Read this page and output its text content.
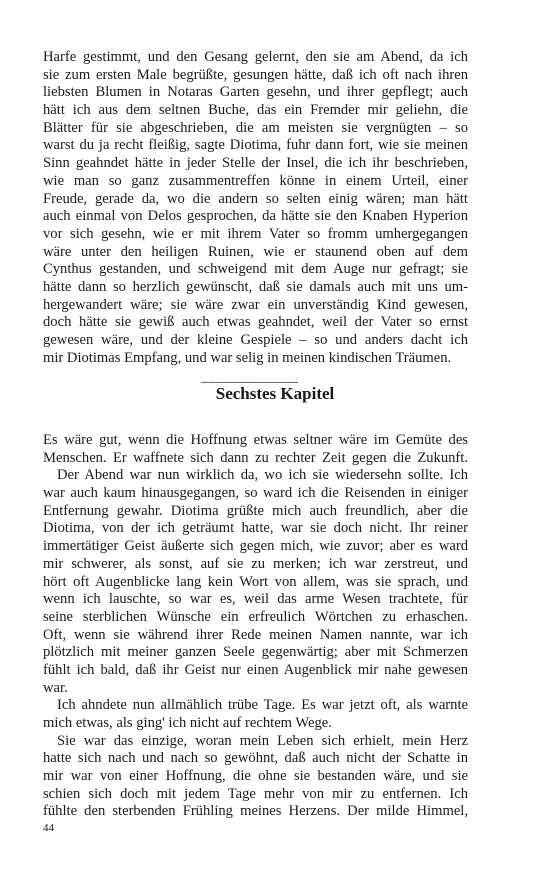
Harfe gestimmt, und den Gesang gelernt, den sie am Abend, da ich
sie zum ersten Male begrüßte, gesungen hätte, daß ich oft nach ihren
liebsten Blumen in Notaras Garten gesehn, und ihrer gepflegt; auch
hätt ich aus dem seltnen Buche, das ein Fremder mir geliehn, die
Blätter für sie abgeschrieben, die am meisten sie vergnügten – so
warst du ja recht fleißig, sagte Diotima, fuhr dann fort, wie sie meinen
Sinn geahndet hätte in jeder Stelle der Insel, die ich ihr beschrieben,
wie man so ganz zusammentreffen könne in einem Urteil, einer
Freude, gerade da, wo die andern so selten einig wären; man hätt
auch einmal von Delos gesprochen, da hätte sie den Knaben Hyperion
vor sich gesehn, wie er mit ihrem Vater so fromm umhergegangen
wäre unter den heiligen Ruinen, wie er staunend oben auf dem
Cynthus gestanden, und schweigend mit dem Auge nur gefragt; sie
hätte dann so herzlich gewünscht, daß sie damals auch mit uns um-
hergewandert wäre; sie wäre zwar ein unverständig Kind gewesen,
doch hätte sie gewiß auch etwas geahndet, weil der Vater so ernst
gewesen wäre, und der kleine Gespiele – so und anders dacht ich
mir Diotimas Empfang, und war selig in meinen kindischen Träumen.
_____________
Sechstes Kapitel
Es wäre gut, wenn die Hoffnung etwas seltner wäre im Gemüte des
Menschen. Er waffnete sich dann zu rechter Zeit gegen die Zukunft.
Der Abend war nun wirklich da, wo ich sie wiedersehn sollte. Ich
war auch kaum hinausgegangen, so ward ich die Reisenden in einiger
Entfernung gewahr. Diotima grüßte mich auch freundlich, aber die
Diotima, von der ich geträumt hatte, war sie doch nicht. Ihr reiner
immertätiger Geist äußerte sich gegen mich, wie zuvor; aber es ward
mir schwerer, als sonst, auf sie zu merken; ich war zerstreut, und
hört oft Augenblicke lang kein Wort von allem, was sie sprach, und
wenn ich lauschte, so war es, weil das arme Wesen trachtete, für
seine sterblichen Wünsche ein erfreulich Wörtchen zu erhaschen.
Oft, wenn sie während ihrer Rede meinen Namen nannte, war ich
plötzlich mit meiner ganzen Seele gegenwärtig; aber mit Schmerzen
fühlt ich bald, daß ihr Geist nur einen Augenblick mir nahe gewesen
war.
Ich ahndete nun allmählich trübe Tage. Es war jetzt oft, als warnte
mich etwas, als ging' ich nicht auf rechtem Wege.
Sie war das einzige, woran mein Leben sich erhielt, mein Herz
hatte sich nach und nach so gewöhnt, daß auch nicht der Schatte in
mir war von einer Hoffnung, die ohne sie bestanden wäre, und sie
schien sich doch mit jedem Tage mehr von mir zu entfernen. Ich
fühlte den sterbenden Frühling meines Herzens. Der milde Himmel,
44
